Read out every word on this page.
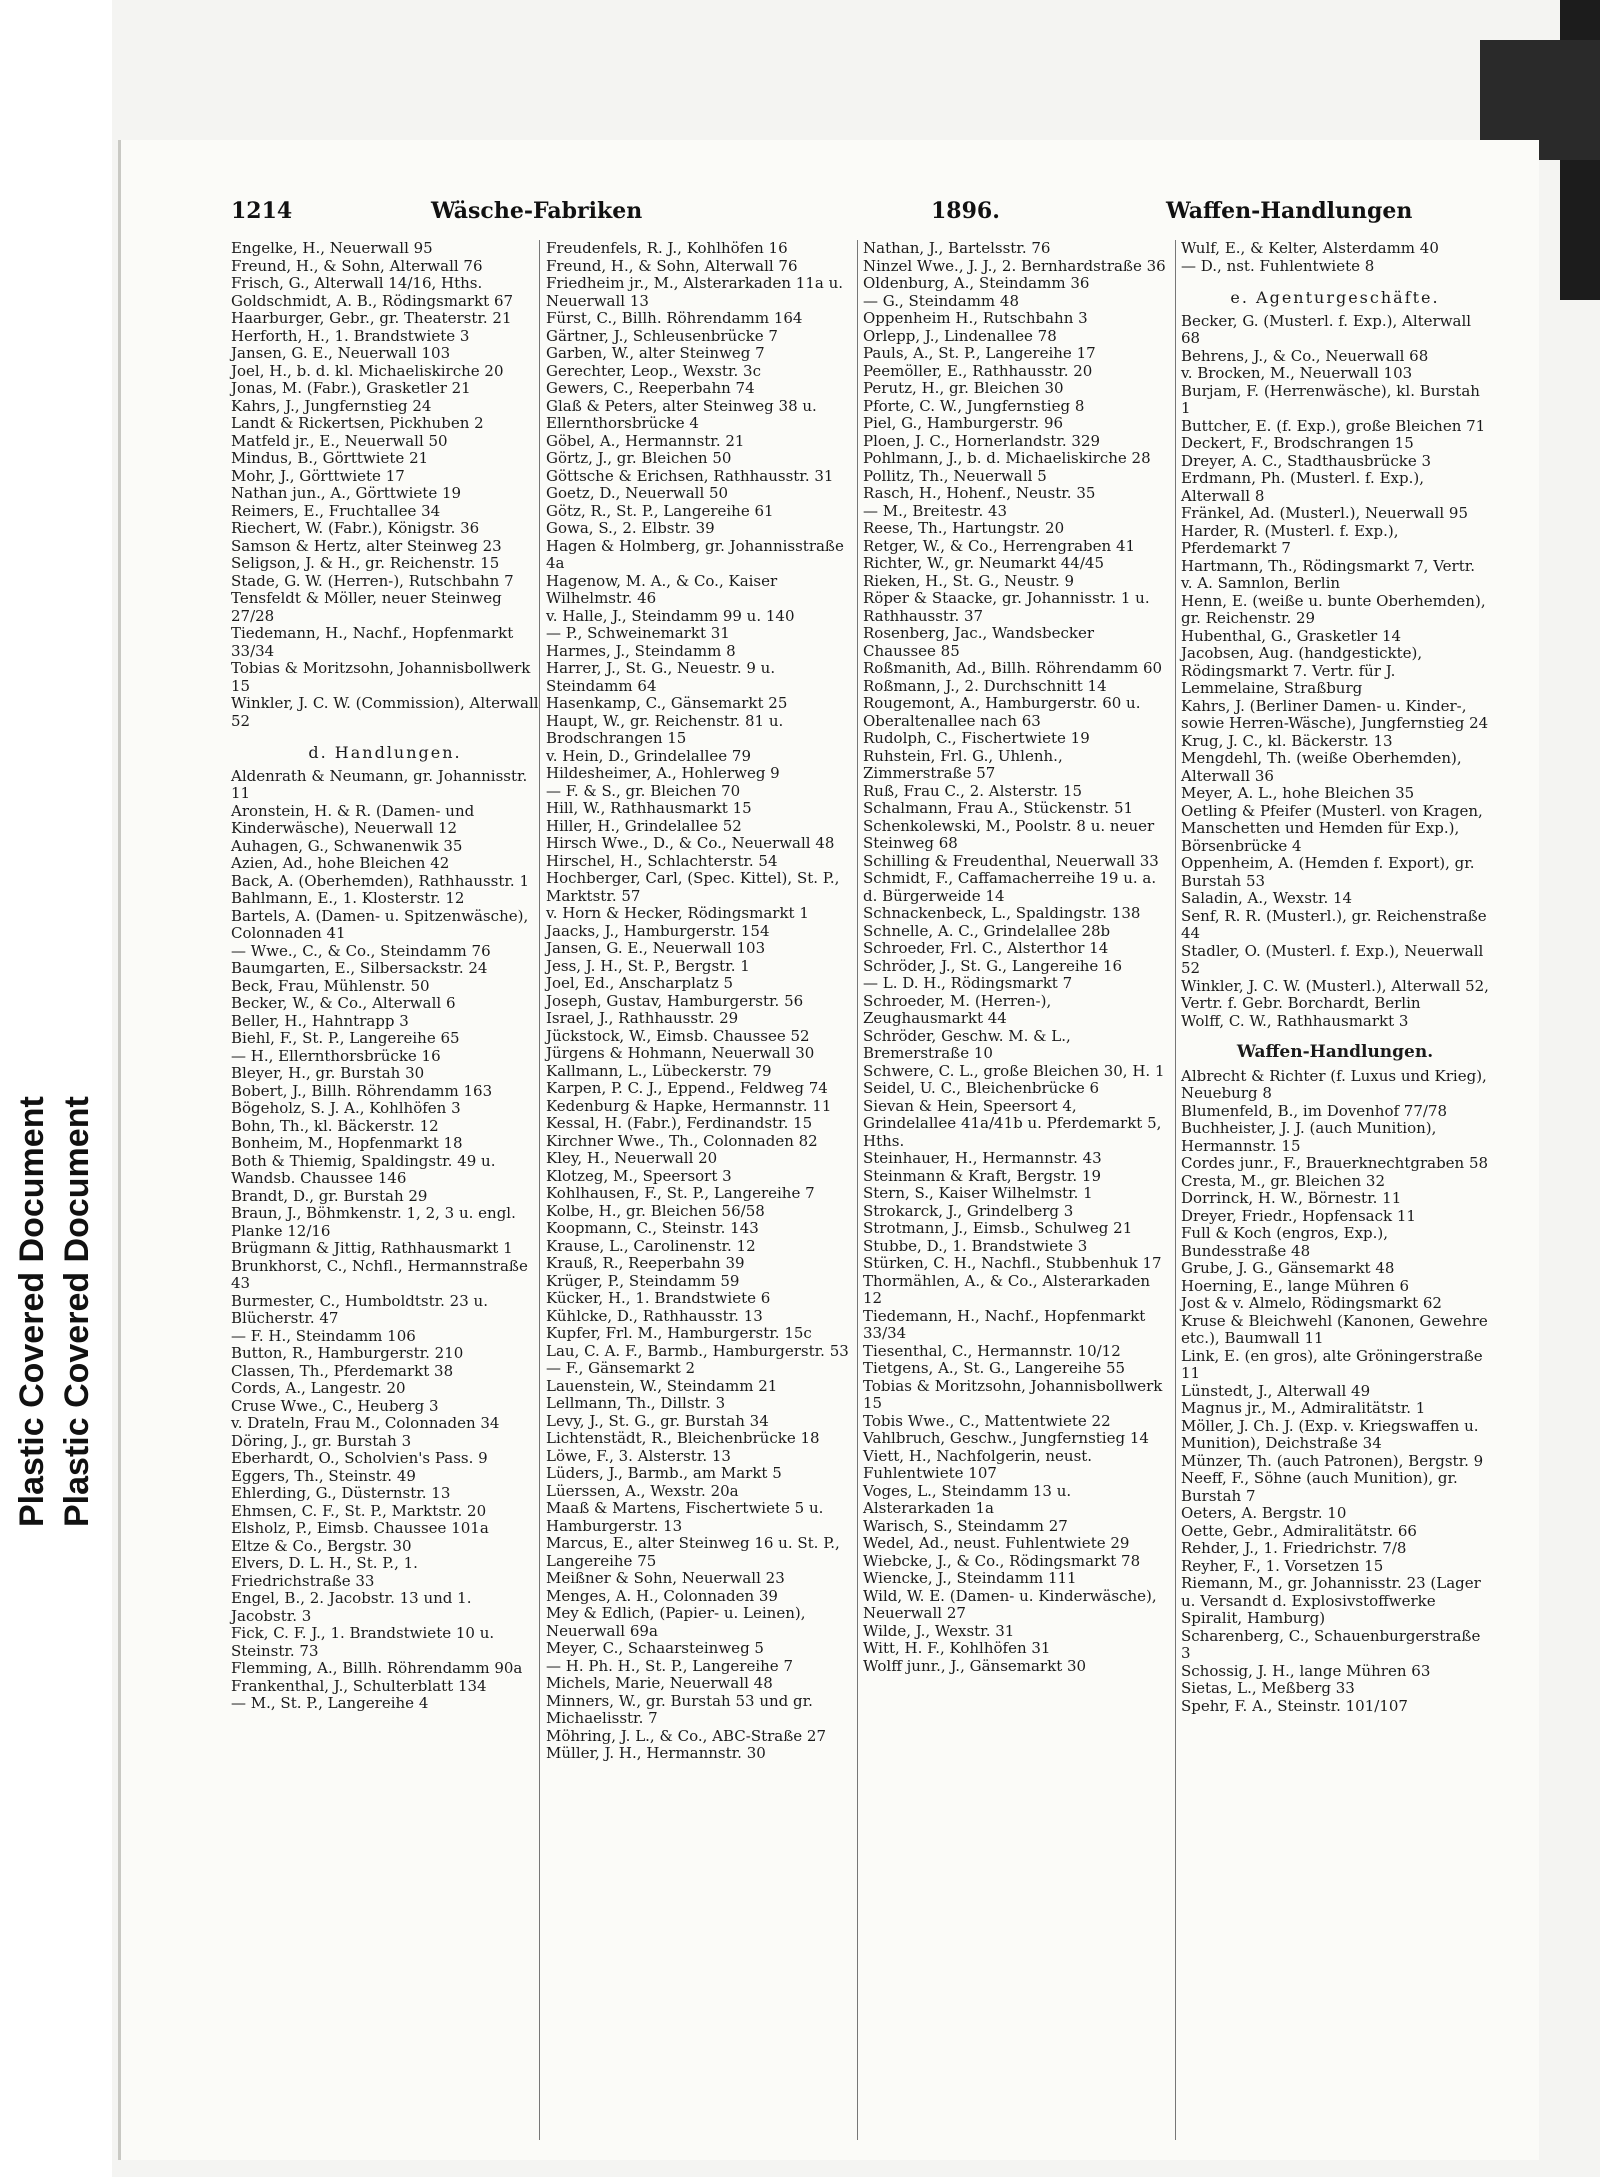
Plastic Covered Document Plastic Covered Document
1214	Wäsche-Fabriken	1896.	Waffen-Handlungen
Engelke, H., Neuerwall 95
Freund, H., & Sohn, Alterwall 76
Frisch, G., Alterwall 14/16, Hths.
Goldschmidt, A. B., Rödingsmarkt 67
Haarburger, Gebr., gr. Theaterstr. 21
Herforth, H., 1. Brandstwiete 3
Jansen, G. E., Neuerwall 103
Joel, H., b. d. kl. Michaeliskirche 20
Jonas, M. (Fabr.), Grasketler 21
Kahrs, J., Jungfernstieg 24
Landt & Rickertsen, Pickhuben 2
Matfeld jr., E., Neuerwall 50
Mindus, B., Görttwiete 21
Mohr, J., Görttwiete 17
Nathan jun., A., Görttwiete 19
Reimers, E., Fruchtallee 34
Riechert, W. (Fabr.), Königstr. 36
Samson & Hertz, alter Steinweg 23
Seligson, J. & H., gr. Reichenstr. 15
Stade, G. W. (Herren-), Rutschbahn 7
Tensfeldt & Möller, neuer Steinweg 27/28
Tiedemann, H., Nachf., Hopfenmarkt 33/34
Tobias & Moritzsohn, Johannisbollwerk 15
Winkler, J. C. W. (Commission), Alterwall 52
d. Handlungen.
Aldenrath & Neumann, gr. Johannisstr. 11
Aronstein, H. & R. (Damen- und Kinderwäsche), Neuerwall 12
Auhagen, G., Schwanenwik 35
Azien, Ad., hohe Bleichen 42
Back, A. (Oberhemden), Rathhausstr. 1
Bahlmann, E., 1. Klosterstr. 12
Bartels, A. (Damen- u. Spitzenwäsche), Colonnaden 41
— Wwe., C., & Co., Steindamm 76
Baumgarten, E., Silbersackstr. 24
Beck, Frau, Mühlenstr. 50
Becker, W., & Co., Alterwall 6
Beller, H., Hahntrapp 3
Biehl, F., St. P., Langereihe 65
— H., Ellernthorsbrücke 16
Bleyer, H., gr. Burstah 30
Bobert, J., Billh. Röhrendamm 163
Bögeholz, S. J. A., Kohlhöfen 3
Bohn, Th., kl. Bäckerstr. 12
Bonheim, M., Hopfenmarkt 18
Both & Thiemig, Spaldingstr. 49 u. Wandsb. Chaussee 146
Brandt, D., gr. Burstah 29
Braun, J., Böhmkenstr. 1, 2, 3 u. engl. Planke 12/16
Brügmann & Jittig, Rathhausmarkt 1
Brunkhorst, C., Nchfl., Hermannstraße 43
Burmester, C., Humboldtstr. 23 u. Blücherstr. 47
— F. H., Steindamm 106
Button, R., Hamburgerstr. 210
Classen, Th., Pferdemarkt 38
Cords, A., Langestr. 20
Cruse Wwe., C., Heuberg 3
v. Drateln, Frau M., Colonnaden 34
Döring, J., gr. Burstah 3
Eberhardt, O., Scholvien's Pass. 9
Eggers, Th., Steinstr. 49
Ehlerding, G., Düsternstr. 13
Ehmsen, C. F., St. P., Marktstr. 20
Elsholz, P., Eimsb. Chaussee 101a
Eltze & Co., Bergstr. 30
Elvers, D. L. H., St. P., 1. Friedrichstraße 33
Engel, B., 2. Jacobstr. 13 und 1. Jacobstr. 3
Fick, C. F. J., 1. Brandstwiete 10 u. Steinstr. 73
Flemming, A., Billh. Röhrendamm 90a
Frankenthal, J., Schulterblatt 134
— M., St. P., Langereihe 4
Freudenfels, R. J., Kohlhöfen 16
Freund, H., & Sohn, Alterwall 76
Friedheim jr., M., Alsterarkaden 11a u. Neuerwall 13
Fürst, C., Billh. Röhrendamm 164
Gärtner, J., Schleusenbrücke 7
Garben, W., alter Steinweg 7
Gerechter, Leop., Wexstr. 3c
Gewers, C., Reeperbahn 74
Glaß & Peters, alter Steinweg 38 u. Ellernthorsbrücke 4
Göbel, A., Hermannstr. 21
Görtz, J., gr. Bleichen 50
Göttsche & Erichsen, Rathhausstr. 31
Goetz, D., Neuerwall 50
Götz, R., St. P., Langereihe 61
Gowa, S., 2. Elbstr. 39
Hagen & Holmberg, gr. Johannisstraße 4a
Hagenow, M. A., & Co., Kaiser Wilhelmstr. 46
v. Halle, J., Steindamm 99 u. 140
— P., Schweinemarkt 31
Harmes, J., Steindamm 8
Harrer, J., St. G., Neuestr. 9 u. Steindamm 64
Hasenkamp, C., Gänsemarkt 25
Haupt, W., gr. Reichenstr. 81 u. Brodschrangen 15
v. Hein, D., Grindelallee 79
Hildesheimer, A., Hohlerweg 9
— F. & S., gr. Bleichen 70
Hill, W., Rathhausmarkt 15
Hiller, H., Grindelallee 52
Hirsch Wwe., D., & Co., Neuerwall 48
Hirschel, H., Schlachterstr. 54
Hochberger, Carl, (Spec. Kittel), St. P., Marktstr. 57
v. Horn & Hecker, Rödingsmarkt 1
Jaacks, J., Hamburgerstr. 154
Jansen, G. E., Neuerwall 103
Jess, J. H., St. P., Bergstr. 1
Joel, Ed., Anscharplatz 5
Joseph, Gustav, Hamburgerstr. 56
Israel, J., Rathhausstr. 29
Jückstock, W., Eimsb. Chaussee 52
Jürgens & Hohmann, Neuerwall 30
Kallmann, L., Lübeckerstr. 79
Karpen, P. C. J., Eppend., Feldweg 74
Kedenburg & Hapke, Hermannstr. 11
Kessal, H. (Fabr.), Ferdinandstr. 15
Kirchner Wwe., Th., Colonnaden 82
Kley, H., Neuerwall 20
Klotzeg, M., Speersort 3
Kohlhausen, F., St. P., Langereihe 7
Kolbe, H., gr. Bleichen 56/58
Koopmann, C., Steinstr. 143
Krause, L., Carolinenstr. 12
Krauß, R., Reeperbahn 39
Krüger, P., Steindamm 59
Kücker, H., 1. Brandstwiete 6
Kühlcke, D., Rathhausstr. 13
Kupfer, Frl. M., Hamburgerstr. 15c
Lau, C. A. F., Barmb., Hamburgerstr. 53
— F., Gänsemarkt 2
Lauenstein, W., Steindamm 21
Lellmann, Th., Dillstr. 3
Levy, J., St. G., gr. Burstah 34
Lichtenstädt, R., Bleichenbrücke 18
Löwe, F., 3. Alsterstr. 13
Lüders, J., Barmb., am Markt 5
Lüerssen, A., Wexstr. 20a
Maaß & Martens, Fischertwiete 5 u. Hamburgerstr. 13
Marcus, E., alter Steinweg 16 u. St. P., Langereihe 75
Meißner & Sohn, Neuerwall 23
Menges, A. H., Colonnaden 39
Mey & Edlich, (Papier- u. Leinen), Neuerwall 69a
Meyer, C., Schaarsteinweg 5
— H. Ph. H., St. P., Langereihe 7
Michels, Marie, Neuerwall 48
Minners, W., gr. Burstah 53 und gr. Michaelisstr. 7
Möhring, J. L., & Co., ABC-Straße 27
Müller, J. H., Hermannstr. 30
Nathan, J., Bartelsstr. 76
Ninzel Wwe., J. J., 2. Bernhardstraße 36
Oldenburg, A., Steindamm 36
— G., Steindamm 48
Oppenheim H., Rutschbahn 3
Orlepp, J., Lindenallee 78
Pauls, A., St. P., Langereihe 17
Peemöller, E., Rathhausstr. 20
Perutz, H., gr. Bleichen 30
Pforte, C. W., Jungfernstieg 8
Piel, G., Hamburgerstr. 96
Ploen, J. C., Hornerlandstr. 329
Pohlmann, J., b. d. Michaeliskirche 28
Pollitz, Th., Neuerwall 5
Rasch, H., Hohenf., Neustr. 35
— M., Breitestr. 43
Reese, Th., Hartungstr. 20
Retger, W., & Co., Herrengraben 41
Richter, W., gr. Neumarkt 44/45
Rieken, H., St. G., Neustr. 9
Röper & Staacke, gr. Johannisstr. 1 u. Rathhausstr. 37
Rosenberg, Jac., Wandsbecker Chaussee 85
Roßmanith, Ad., Billh. Röhrendamm 60
Roßmann, J., 2. Durchschnitt 14
Rougemont, A., Hamburgerstr. 60 u. Oberaltenallee nach 63
Rudolph, C., Fischertwiete 19
Ruhstein, Frl. G., Uhlenh., Zimmerstraße 57
Ruß, Frau C., 2. Alsterstr. 15
Schalmann, Frau A., Stückenstr. 51
Schenkolewski, M., Poolstr. 8 u. neuer Steinweg 68
Schilling & Freudenthal, Neuerwall 33
Schmidt, F., Caffamacherreihe 19 u. a. d. Bürgerweide 14
Schnackenbeck, L., Spaldingstr. 138
Schnelle, A. C., Grindelallee 28b
Schroeder, Frl. C., Alsterthor 14
Schröder, J., St. G., Langereihe 16
— L. D. H., Rödingsmarkt 7
Schroeder, M. (Herren-), Zeughausmarkt 44
Schröder, Geschw. M. & L., Bremerstraße 10
Schwere, C. L., große Bleichen 30, H. 1
Seidel, U. C., Bleichenbrücke 6
Sievan & Hein, Speersort 4, Grindelallee 41a/41b u. Pferdemarkt 5, Hths.
Steinhauer, H., Hermannstr. 43
Steinmann & Kraft, Bergstr. 19
Stern, S., Kaiser Wilhelmstr. 1
Strokarck, J., Grindelberg 3
Strotmann, J., Eimsb., Schulweg 21
Stubbe, D., 1. Brandstwiete 3
Stürken, C. H., Nachfl., Stubbenhuk 17
Thormählen, A., & Co., Alsterarkaden 12
Tiedemann, H., Nachf., Hopfenmarkt 33/34
Tiesenthal, C., Hermannstr. 10/12
Tietgens, A., St. G., Langereihe 55
Tobias & Moritzsohn, Johannisbollwerk 15
Tobis Wwe., C., Mattentwiete 22
Vahlbruch, Geschw., Jungfernstieg 14
Viett, H., Nachfolgerin, neust. Fuhlentwiete 107
Voges, L., Steindamm 13 u. Alsterarkaden 1a
Warisch, S., Steindamm 27
Wedel, Ad., neust. Fuhlentwiete 29
Wiebcke, J., & Co., Rödingsmarkt 78
Wiencke, J., Steindamm 111
Wild, W. E. (Damen- u. Kinderwäsche), Neuerwall 27
Wilde, J., Wexstr. 31
Witt, H. F., Kohlhöfen 31
Wolff junr., J., Gänsemarkt 30
Wulf, E., & Kelter, Alsterdamm 40
— D., nst. Fuhlentwiete 8
e. Agenturgeschäfte.
Becker, G. (Musterl. f. Exp.), Alterwall 68
Behrens, J., & Co., Neuerwall 68
v. Brocken, M., Neuerwall 103
Burjam, F. (Herrenwäsche), kl. Burstah 1
Buttcher, E. (f. Exp.), große Bleichen 71
Deckert, F., Brodschrangen 15
Dreyer, A. C., Stadthausbrücke 3
Erdmann, Ph. (Musterl. f. Exp.), Alterwall 8
Fränkel, Ad. (Musterl.), Neuerwall 95
Harder, R. (Musterl. f. Exp.), Pferdemarkt 7
Hartmann, Th., Rödingsmarkt 7, Vertr. v. A. Samnlon, Berlin
Henn, E. (weiße u. bunte Oberhemden), gr. Reichenstr. 29
Hubenthal, G., Grasketler 14
Jacobsen, Aug. (handgestickte), Rödingsmarkt 7. Vertr. für J. Lemmelaine, Straßburg
Kahrs, J. (Berliner Damen- u. Kinder-, sowie Herren-Wäsche), Jungfernstieg 24
Krug, J. C., kl. Bäckerstr. 13
Mengdehl, Th. (weiße Oberhemden), Alterwall 36
Meyer, A. L., hohe Bleichen 35
Oetling & Pfeifer (Musterl. von Kragen, Manschetten und Hemden für Exp.), Börsenbrücke 4
Oppenheim, A. (Hemden f. Export), gr. Burstah 53
Saladin, A., Wexstr. 14
Senf, R. R. (Musterl.), gr. Reichenstraße 44
Stadler, O. (Musterl. f. Exp.), Neuerwall 52
Winkler, J. C. W. (Musterl.), Alterwall 52, Vertr. f. Gebr. Borchardt, Berlin
Wolff, C. W., Rathhausmarkt 3
Waffen-Handlungen.
Albrecht & Richter (f. Luxus und Krieg), Neueburg 8
Blumenfeld, B., im Dovenhof 77/78
Buchheister, J. J. (auch Munition), Hermannstr. 15
Cordes junr., F., Brauerknechtgraben 58
Cresta, M., gr. Bleichen 32
Dorrinck, H. W., Börnestr. 11
Dreyer, Friedr., Hopfensack 11
Full & Koch (engros, Exp.), Bundesstraße 48
Grube, J. G., Gänsemarkt 48
Hoerning, E., lange Mühren 6
Jost & v. Almelo, Rödingsmarkt 62
Kruse & Bleichwehl (Kanonen, Gewehre etc.), Baumwall 11
Link, E. (en gros), alte Gröningerstraße 11
Lünstedt, J., Alterwall 49
Magnus jr., M., Admiralitätstr. 1
Möller, J. Ch. J. (Exp. v. Kriegswaffen u. Munition), Deichstraße 34
Münzer, Th. (auch Patronen), Bergstr. 9
Neeff, F., Söhne (auch Munition), gr. Burstah 7
Oeters, A. Bergstr. 10
Oette, Gebr., Admiralitätstr. 66
Rehder, J., 1. Friedrichstr. 7/8
Reyher, F., 1. Vorsetzen 15
Riemann, M., gr. Johannisstr. 23 (Lager u. Versandt d. Explosivstoffwerke Spiralit, Hamburg)
Scharenberg, C., Schauenburgerstraße 3
Schossig, J. H., lange Mühren 63
Sietas, L., Meßberg 33
Spehr, F. A., Steinstr. 101/107
